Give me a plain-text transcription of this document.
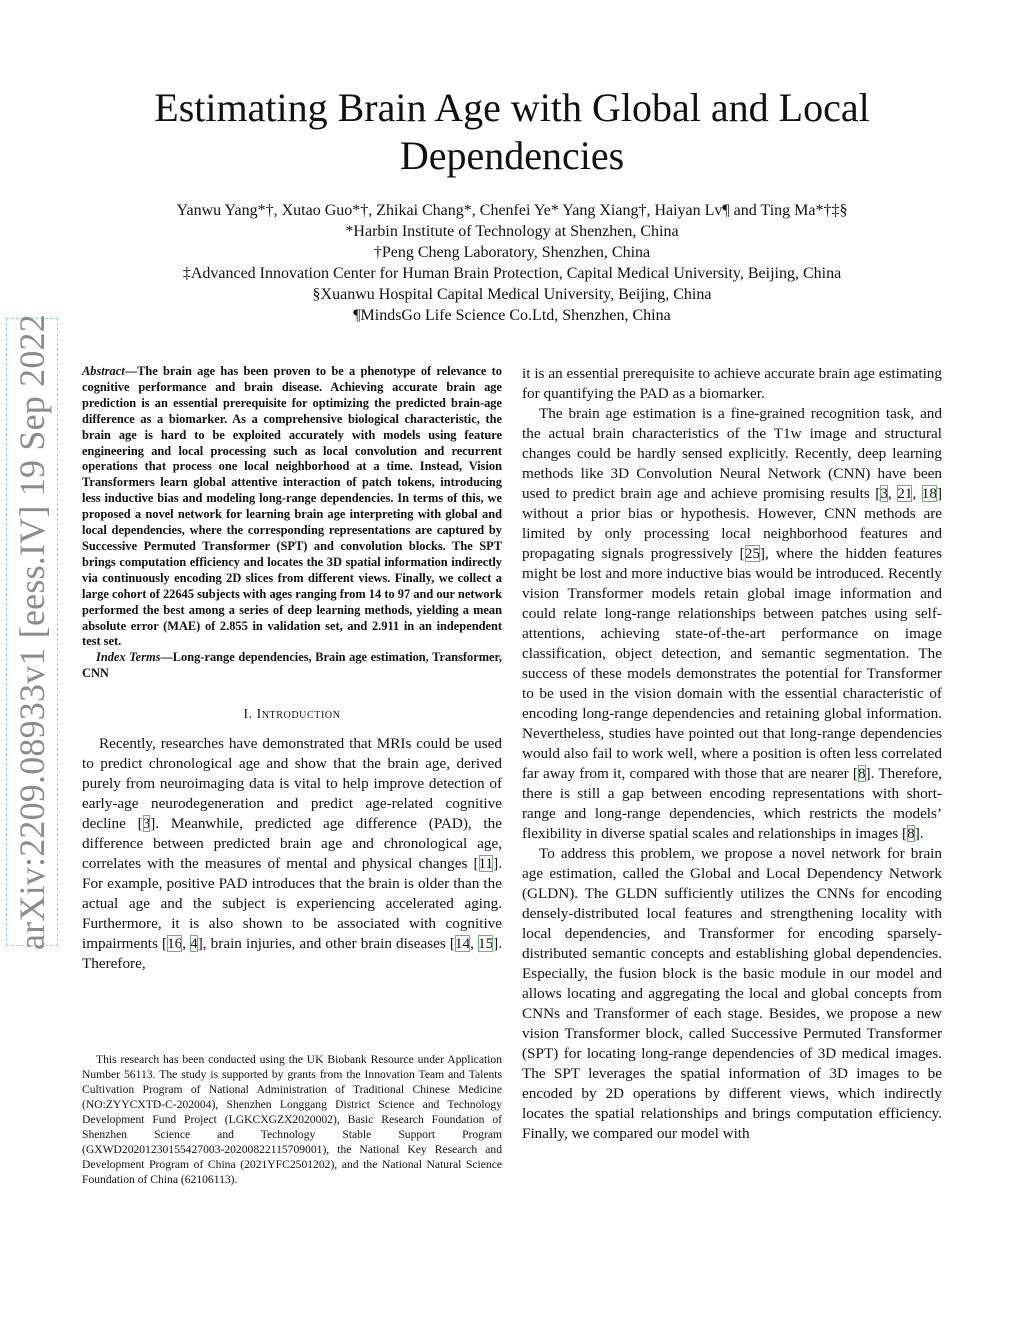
arXiv:2209.08933v1 [eess.IV] 19 Sep 2022
Estimating Brain Age with Global and Local Dependencies
Yanwu Yang*†, Xutao Guo*†, Zhikai Chang*, Chenfei Ye* Yang Xiang†, Haiyan Lv¶ and Ting Ma*†‡§
*Harbin Institute of Technology at Shenzhen, China
†Peng Cheng Laboratory, Shenzhen, China
‡Advanced Innovation Center for Human Brain Protection, Capital Medical University, Beijing, China
§Xuanwu Hospital Capital Medical University, Beijing, China
¶MindsGo Life Science Co.Ltd, Shenzhen, China

Abstract—The brain age has been proven to be a phenotype of relevance to cognitive performance and brain disease. Achieving accurate brain age prediction is an essential prerequisite for optimizing the predicted brain-age difference as a biomarker. As a comprehensive biological characteristic, the brain age is hard to be exploited accurately with models using feature engineering and local processing such as local convolution and recurrent operations that process one local neighborhood at a time. Instead, Vision Transformers learn global attentive interaction of patch tokens, introducing less inductive bias and modeling long-range dependencies. In terms of this, we proposed a novel network for learning brain age interpreting with global and local dependencies, where the corresponding representations are captured by Successive Permuted Transformer (SPT) and convolution blocks. The SPT brings computation efficiency and locates the 3D spatial information indirectly via continuously encoding 2D slices from different views. Finally, we collect a large cohort of 22645 subjects with ages ranging from 14 to 97 and our network performed the best among a series of deep learning methods, yielding a mean absolute error (MAE) of 2.855 in validation set, and 2.911 in an independent test set.

Index Terms—Long-range dependencies, Brain age estimation, Transformer, CNN

I. Introduction

Recently, researches have demonstrated that MRIs could be used to predict chronological age and show that the brain age, derived purely from neuroimaging data is vital to help improve detection of early-age neurodegeneration and predict age-related cognitive decline [3]. Meanwhile, predicted age difference (PAD), the difference between predicted brain age and chronological age, correlates with the measures of mental and physical changes [11]. For example, positive PAD introduces that the brain is older than the actual age and the subject is experiencing accelerated aging. Furthermore, it is also shown to be associated with cognitive impairments [16, 4], brain injuries, and other brain diseases [14, 15]. Therefore,

This research has been conducted using the UK Biobank Resource under Application Number 56113. The study is supported by grants from the Innovation Team and Talents Cultivation Program of National Administration of Traditional Chinese Medicine (NO:ZYYCXTD-C-202004), Shenzhen Longgang District Science and Technology Development Fund Project (LGKCXGZX2020002), Basic Research Foundation of Shenzhen Science and Technology Stable Support Program (GXWD20201230155427003-20200822115709001), the National Key Research and Development Program of China (2021YFC2501202), and the National Natural Science Foundation of China (62106113).

it is an essential prerequisite to achieve accurate brain age estimating for quantifying the PAD as a biomarker.

The brain age estimation is a fine-grained recognition task, and the actual brain characteristics of the T1w image and structural changes could be hardly sensed explicitly. Recently, deep learning methods like 3D Convolution Neural Network (CNN) have been used to predict brain age and achieve promising results [3, 21, 18] without a prior bias or hypothesis. However, CNN methods are limited by only processing local neighborhood features and propagating signals progressively [25], where the hidden features might be lost and more inductive bias would be introduced. Recently vision Transformer models retain global image information and could relate long-range relationships between patches using self-attentions, achieving state-of-the-art performance on image classification, object detection, and semantic segmentation. The success of these models demonstrates the potential for Transformer to be used in the vision domain with the essential characteristic of encoding long-range dependencies and retaining global information. Nevertheless, studies have pointed out that long-range dependencies would also fail to work well, where a position is often less correlated far away from it, compared with those that are nearer [8]. Therefore, there is still a gap between encoding representations with short-range and long-range dependencies, which restricts the models’ flexibility in diverse spatial scales and relationships in images [8].

To address this problem, we propose a novel network for brain age estimation, called the Global and Local Dependency Network (GLDN). The GLDN sufficiently utilizes the CNNs for encoding densely-distributed local features and strengthening locality with local dependencies, and Transformer for encoding sparsely-distributed semantic concepts and establishing global dependencies. Especially, the fusion block is the basic module in our model and allows locating and aggregating the local and global concepts from CNNs and Transformer of each stage. Besides, we propose a new vision Transformer block, called Successive Permuted Transformer (SPT) for locating long-range dependencies of 3D medical images. The SPT leverages the spatial information of 3D images to be encoded by 2D operations by different views, which indirectly locates the spatial relationships and brings computation efficiency. Finally, we compared our model with
